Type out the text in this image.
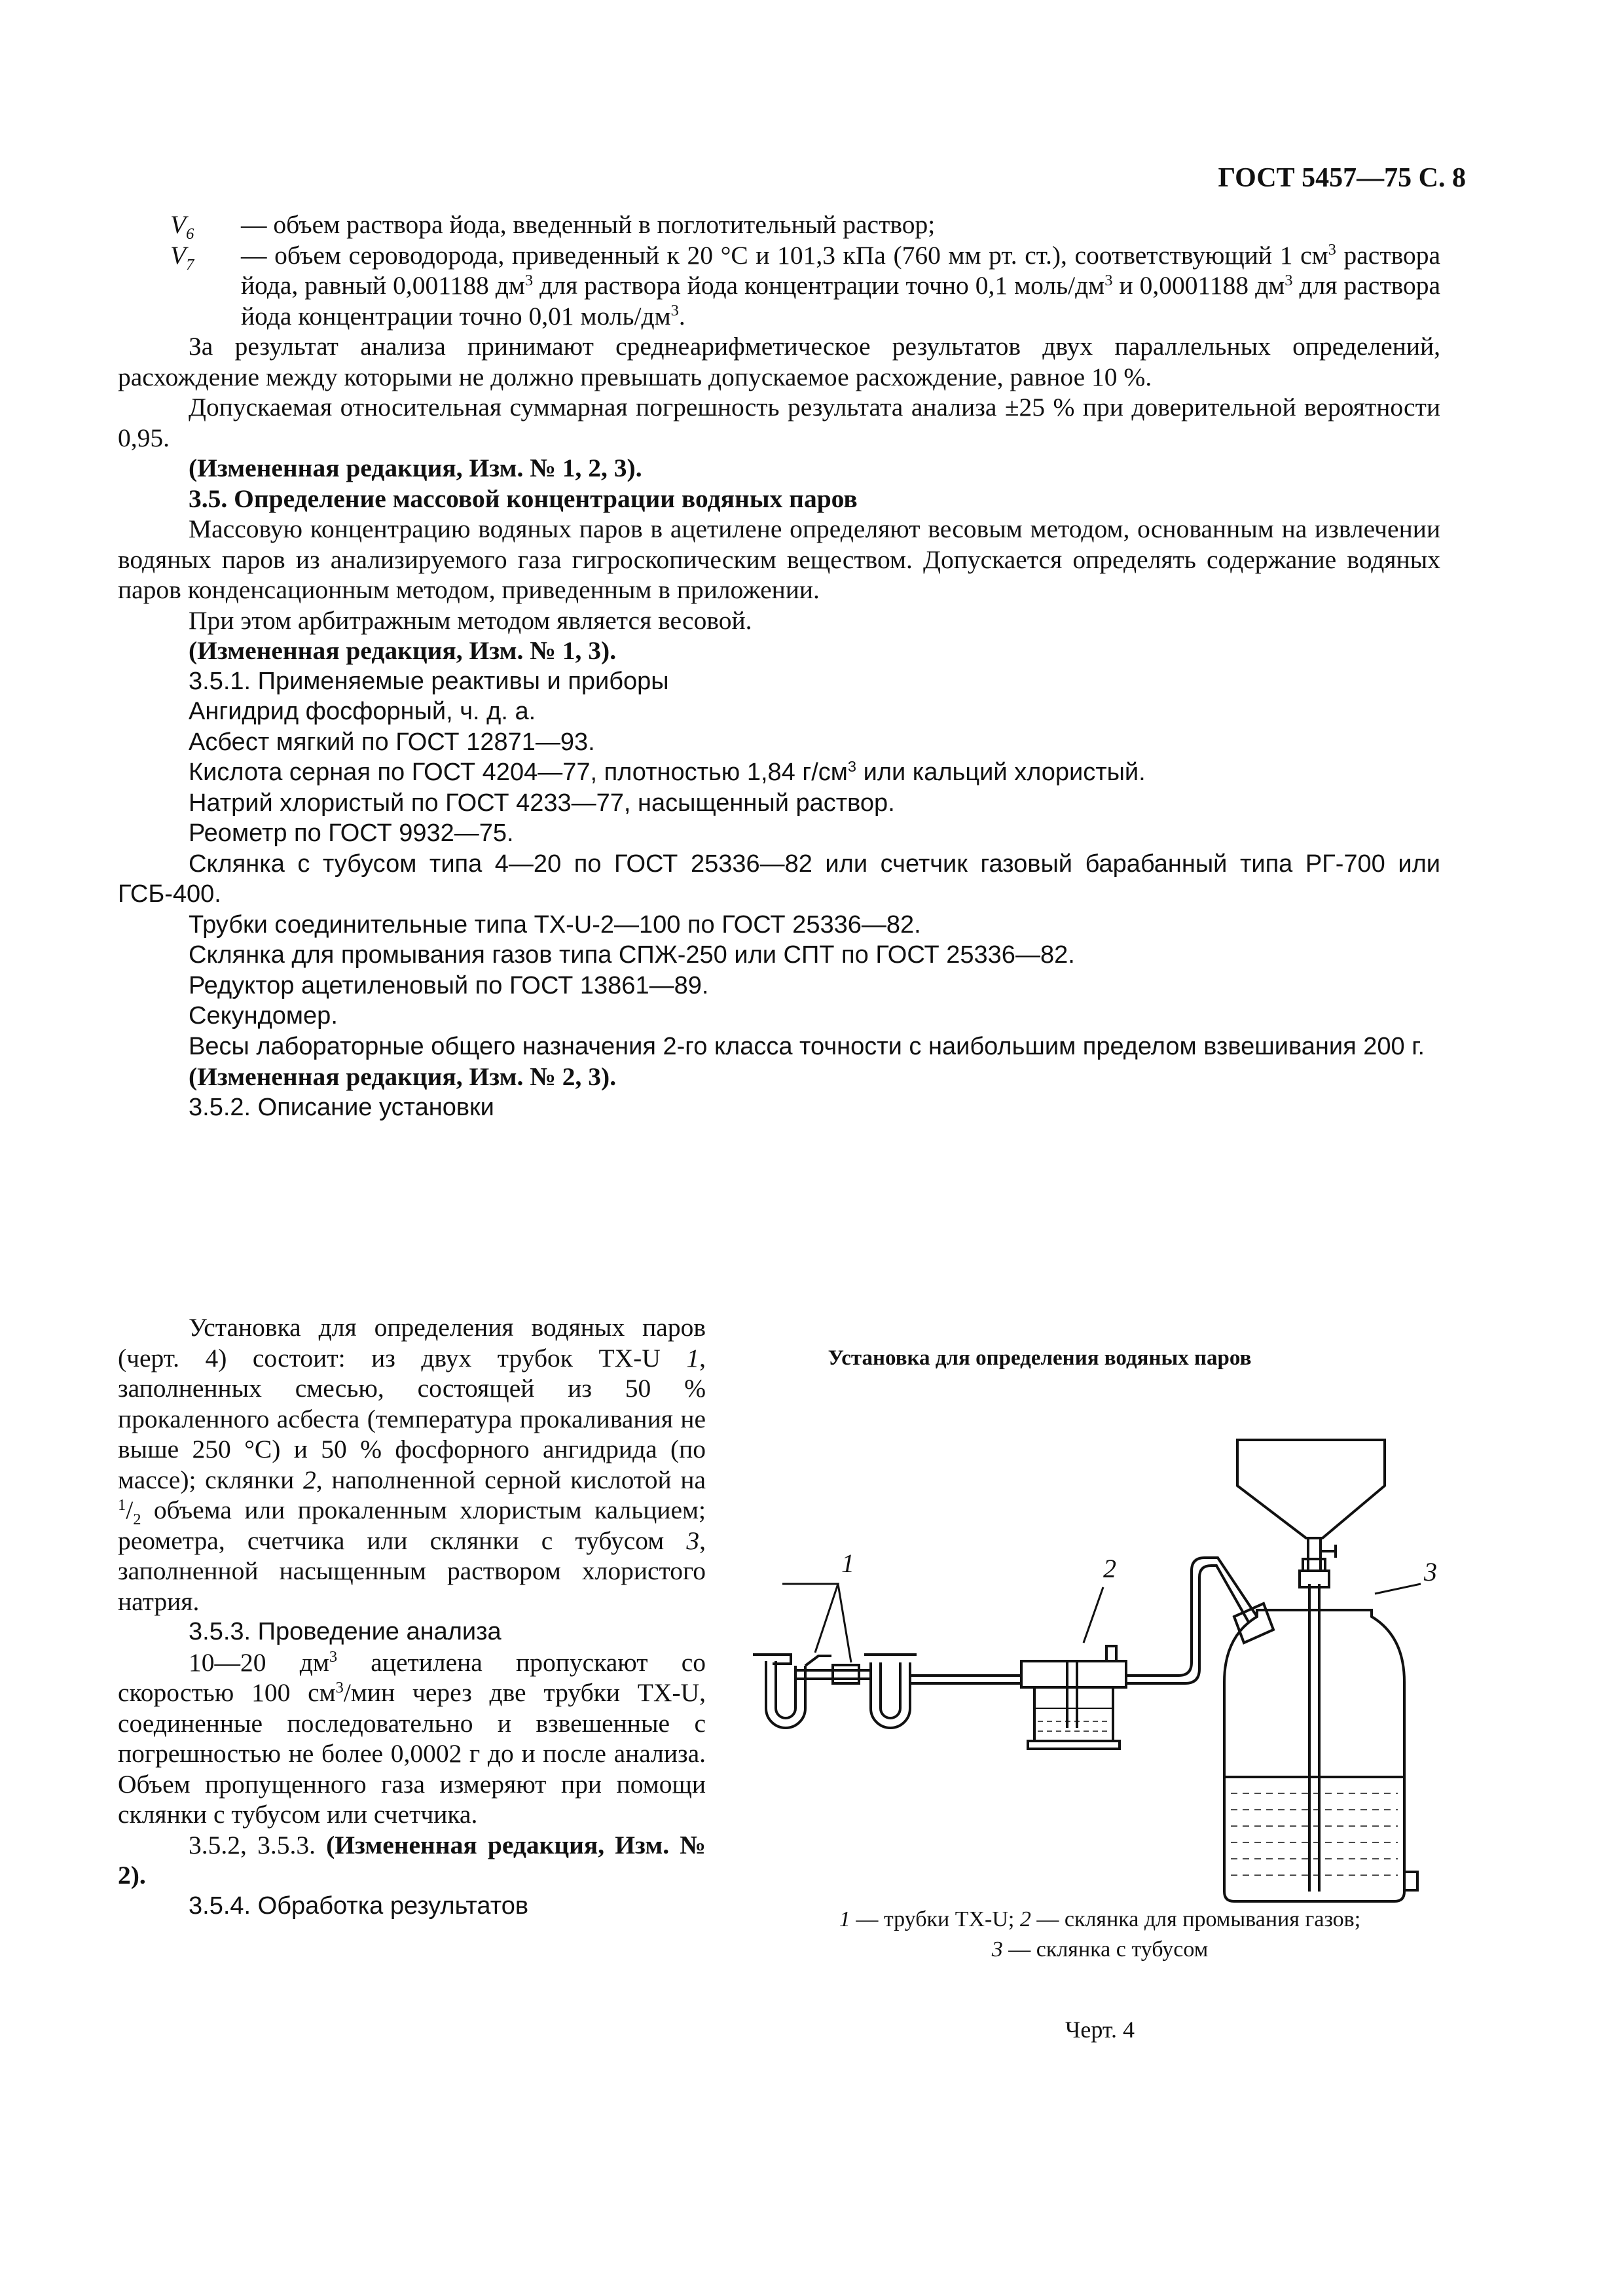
ГОСТ 5457—75 С. 8
$V_6$ — объем раствора йода, введенный в поглотительный раствор;
$V_7$ — объем сероводорода, приведенный к 20 °С и 101,3 кПа (760 мм рт. ст.), соответствующий 1 $см^3$ раствора йода, равный 0,001188 $дм^3$ для раствора йода концентрации точно 0,1 моль/$дм^3$ и 0,0001188 $дм^3$ для раствора йода концентрации точно 0,01 моль/$дм^3$.

За результат анализа принимают среднеарифметическое результатов двух параллельных определений, расхождение между которыми не должно превышать допускаемое расхождение, равное 10 %.

Допускаемая относительная суммарная погрешность результата анализа ±25 % при доверительной вероятности 0,95.

(Измененная редакция, Изм. № 1, 2, 3).

3.5. Определение массовой концентрации водяных паров

Массовую концентрацию водяных паров в ацетилене определяют весовым методом, основанным на извлечении водяных паров из анализируемого газа гигроскопическим веществом. Допускается определять содержание водяных паров конденсационным методом, приведенным в приложении.

При этом арбитражным методом является весовой.

(Измененная редакция, Изм. № 1, 3).

3.5.1. Применяемые реактивы и приборы

Ангидрид фосфорный, ч. д. а.

Асбест мягкий по ГОСТ 12871—93.

Кислота серная по ГОСТ 4204—77, плотностью 1,84 $г/см^3$ или кальций хлористый.

Натрий хлористый по ГОСТ 4233—77, насыщенный раствор.

Реометр по ГОСТ 9932—75.

Склянка с тубусом типа 4—20 по ГОСТ 25336—82 или счетчик газовый барабанный типа РГ-700 или ГСБ-400.

Трубки соединительные типа ТХ-U-2—100 по ГОСТ 25336—82.

Склянка для промывания газов типа СПЖ-250 или СПТ по ГОСТ 25336—82.

Редуктор ацетиленовый по ГОСТ 13861—89.

Секундомер.

Весы лабораторные общего назначения 2-го класса точности с наибольшим пределом взвешивания 200 г.

(Измененная редакция, Изм. № 2, 3).

3.5.2. Описание установки

Установка для определения водяных паров (черт. 4) состоит: из двух трубок ТХ-U 1, заполненных смесью, состоящей из 50 % прокаленного асбеста (температура прокаливания не выше 250 °С) и 50 % фосфорного ангидрида (по массе); склянки 2, наполненной серной кислотой на $^1/_2$ объема или прокаленным хлористым кальцием; реометра, счетчика или склянки с тубусом 3, заполненной насыщенным раствором хлористого натрия.

3.5.3. Проведение анализа

10—20 $дм^3$ ацетилена пропускают со скоростью 100 $см^3$/мин через две трубки ТХ-U, соединенные последовательно и взвешенные с погрешностью не более 0,0002 г до и после анализа. Объем пропущенного газа измеряют при помощи склянки с тубусом или счетчика.

3.5.2, 3.5.3. (Измененная редакция, Изм. № 2).

3.5.4. Обработка результатов

Установка для определения водяных паров
1	2	3
1 — трубки ТХ-U; 2 — склянка для промывания газов;
3 — склянка с тубусом
Черт. 4
